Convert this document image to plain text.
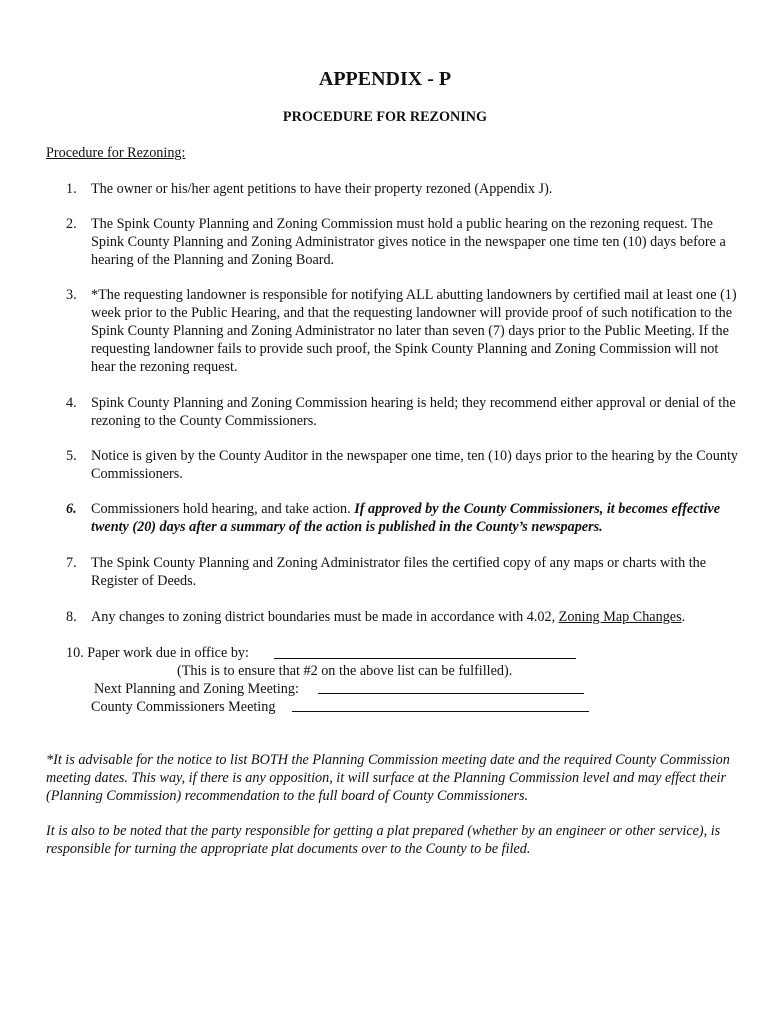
APPENDIX - P
PROCEDURE FOR REZONING
Procedure for Rezoning:
1. The owner or his/her agent petitions to have their property rezoned (Appendix J).
2. The Spink County Planning and Zoning Commission must hold a public hearing on the rezoning request. The Spink County Planning and Zoning Administrator gives notice in the newspaper one time ten (10) days before a hearing of the Planning and Zoning Board.
3. *The requesting landowner is responsible for notifying ALL abutting landowners by certified mail at least one (1) week prior to the Public Hearing, and that the requesting landowner will provide proof of such notification to the Spink County Planning and Zoning Administrator no later than seven (7) days prior to the Public Meeting. If the requesting landowner fails to provide such proof, the Spink County Planning and Zoning Commission will not hear the rezoning request.
4. Spink County Planning and Zoning Commission hearing is held; they recommend either approval or denial of the rezoning to the County Commissioners.
5. Notice is given by the County Auditor in the newspaper one time, ten (10) days prior to the hearing by the County Commissioners.
6. Commissioners hold hearing, and take action. If approved by the County Commissioners, it becomes effective twenty (20) days after a summary of the action is published in the County’s newspapers.
7. The Spink County Planning and Zoning Administrator files the certified copy of any maps or charts with the Register of Deeds.
8. Any changes to zoning district boundaries must be made in accordance with 4.02, Zoning Map Changes.
10. Paper work due in office by:
(This is to ensure that #2 on the above list can be fulfilled).
Next Planning and Zoning Meeting:
County Commissioners Meeting
*It is advisable for the notice to list BOTH the Planning Commission meeting date and the required County Commission meeting dates. This way, if there is any opposition, it will surface at the Planning Commission level and may effect their (Planning Commission) recommendation to the full board of County Commissioners.
It is also to be noted that the party responsible for getting a plat prepared (whether by an engineer or other service), is responsible for turning the appropriate plat documents over to the County to be filed.
